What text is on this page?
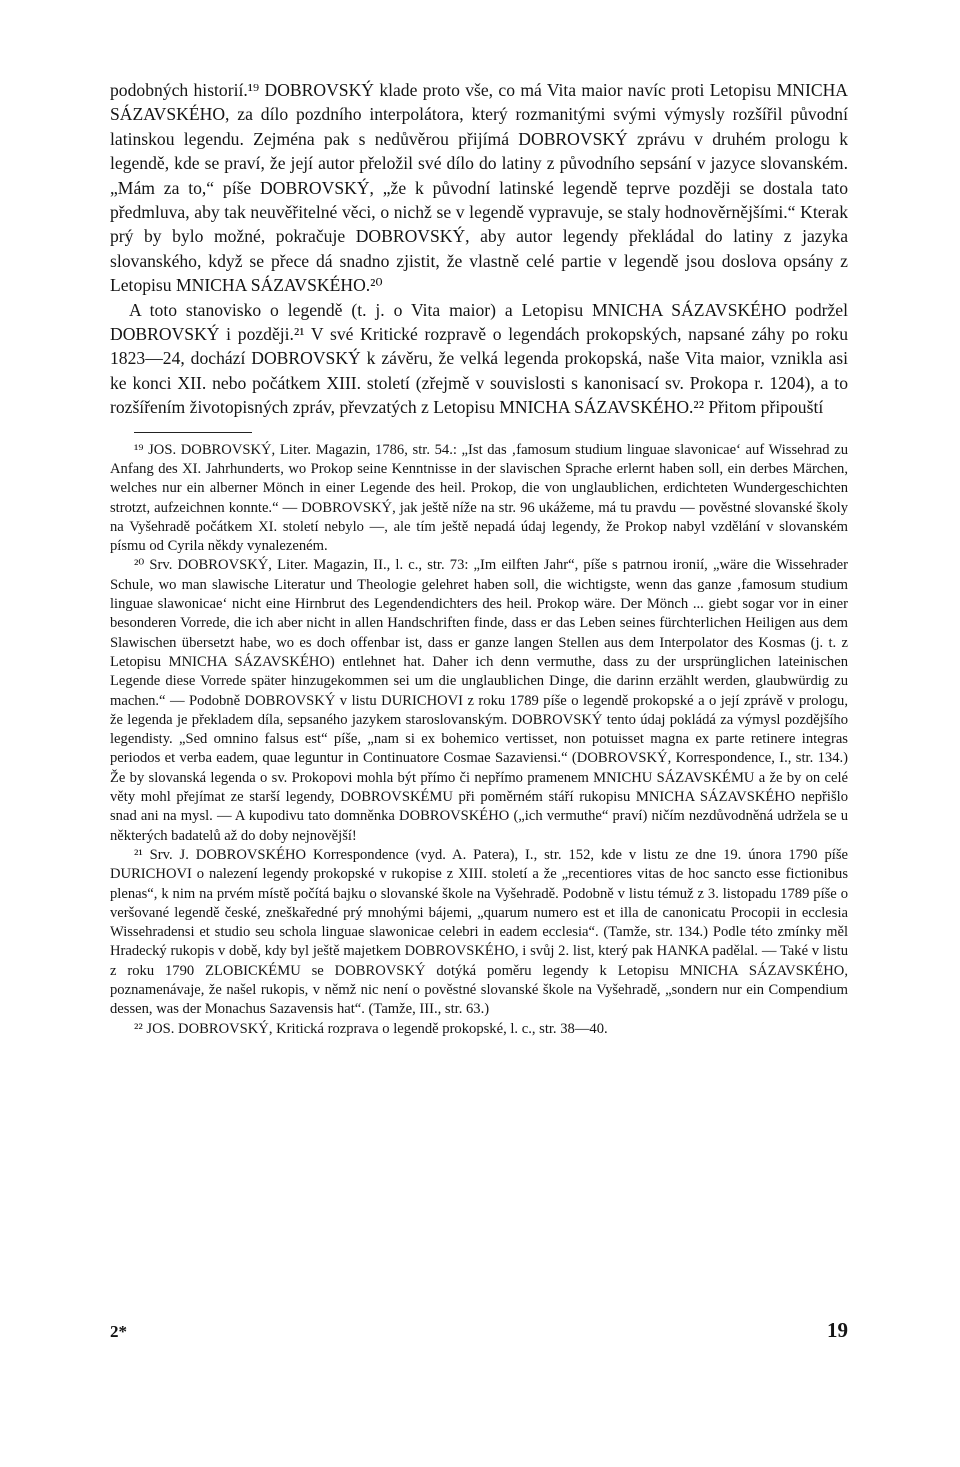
podobných historií.¹⁹ DOBROVSKÝ klade proto vše, co má Vita maior navíc proti Letopisu MNICHA SÁZAVSKÉHO, za dílo pozdního interpolátora, který rozmanitými svými výmysly rozšířil původní latinskou legendu. Zejména pak s nedůvěrou přijímá DOBROVSKÝ zprávu v druhém prologu k legendě, kde se praví, že její autor přeložil své dílo do latiny z původního sepsání v jazyce slovanském. „Mám za to,“ píše DOBROVSKÝ, „že k původní latinské legendě teprve později se dostala tato předmluva, aby tak neuvěřitelné věci, o nichž se v legendě vypravuje, se staly hodnověrnějšími.“ Kterak prý by bylo možné, pokračuje DOBROVSKÝ, aby autor legendy překládal do latiny z jazyka slovanského, když se přece dá snadno zjistit, že vlastně celé partie v legendě jsou doslova opsány z Letopisu MNICHA SÁZAVSKÉHO.²⁰

A toto stanovisko o legendě (t. j. o Vita maior) a Letopisu MNICHA SÁZAVSKÉHO podržel DOBROVSKÝ i později.²¹ V své Kritické rozpravě o legendách prokopských, napsané záhy po roku 1823—24, dochází DOBROVSKÝ k závěru, že velká legenda prokopská, naše Vita maior, vznikla asi ke konci XII. nebo počátkem XIII. století (zřejmě v souvislosti s kanonisací sv. Prokopa r. 1204), a to rozšířením životopisných zpráv, převzatých z Letopisu MNICHA SÁZAVSKÉHO.²² Přitom připouští

¹⁹ JOS. DOBROVSKÝ, Liter. Magazin, 1786, str. 54.: „Ist das ‚famosum studium linguae slavonicae‘ auf Wissehrad zu Anfang des XI. Jahrhunderts, wo Prokop seine Kenntnisse in der slavischen Sprache erlernt haben soll, ein derbes Märchen, welches nur ein alberner Mönch in einer Legende des heil. Prokop, die von unglaublichen, erdichteten Wundergeschichten strotzt, aufzeichnen konnte.“ — DOBROVSKÝ, jak ještě níže na str. 96 ukážeme, má tu pravdu — pověstné slovanské školy na Vyšehradě počátkem XI. století nebylo —, ale tím ještě nepadá údaj legendy, že Prokop nabyl vzdělání v slovanském písmu od Cyrila někdy vynalezeném.

²⁰ Srv. DOBROVSKÝ, Liter. Magazin, II., l. c., str. 73: „Im eilften Jahr“, píše s patrnou ironií, „wäre die Wissehrader Schule, wo man slawische Literatur und Theologie gelehret haben soll, die wichtigste, wenn das ganze ‚famosum studium linguae slawonicae‘ nicht eine Hirnbrut des Legendendichters des heil. Prokop wäre. Der Mönch ... giebt sogar vor in einer besonderen Vorrede, die ich aber nicht in allen Handschriften finde, dass er das Leben seines fürchterlichen Heiligen aus dem Slawischen übersetzt habe, wo es doch offenbar ist, dass er ganze langen Stellen aus dem Interpolator des Kosmas (j. t. z Letopisu MNICHA SÁZAVSKÉHO) entlehnet hat. Daher ich denn vermuthe, dass zu der ursprünglichen lateinischen Legende diese Vorrede später hinzugekommen sei um die unglaublichen Dinge, die darinn erzählt werden, glaubwürdig zu machen.“ — Podobně DOBROVSKÝ v listu DURICHOVI z roku 1789 píše o legendě prokopské a o její zprávě v prologu, že legenda je překladem díla, sepsaného jazykem staroslovanským. DOBROVSKÝ tento údaj pokládá za výmysl pozdějšího legendisty. „Sed omnino falsus est“ píše, „nam si ex bohemico vertisset, non potuisset magna ex parte retinere integras periodos et verba eadem, quae leguntur in Continuatore Cosmae Sazaviensi.“ (DOBROVSKÝ, Korrespondence, I., str. 134.) Že by slovanská legenda o sv. Prokopovi mohla být přímo či nepřímo pramenem MNICHU SÁZAVSKÉMU a že by on celé věty mohl přejímat ze starší legendy, DOBROVSKÉMU při poměrném stáří rukopisu MNICHA SÁZAVSKÉHO nepřišlo snad ani na mysl. — A kupodivu tato domněnka DOBROVSKÉHO („ich vermuthe“ praví) ničím nezdůvodněná udržela se u některých badatelů až do doby nejnovější!

²¹ Srv. J. DOBROVSKÉHO Korrespondence (vyd. A. Patera), I., str. 152, kde v listu ze dne 19. února 1790 píše DURICHOVI o nalezení legendy prokopské v rukopise z XIII. století a že „recentiores vitas de hoc sancto esse fictionibus plenas“, k nim na prvém místě počítá bajku o slovanské škole na Vyšehradě. Podobně v listu témuž z 3. listopadu 1789 píše o veršované legendě české, zneškaředné prý mnohými bájemi, „quarum numero est et illa de canonicatu Procopii in ecclesia Wissehradensi et studio seu schola linguae slawonicae celebri in eadem ecclesia“. (Tamže, str. 134.) Podle této zmínky měl Hradecký rukopis v době, kdy byl ještě majetkem DOBROVSKÉHO, i svůj 2. list, který pak HANKA padělal. — Také v listu z roku 1790 ZLOBICKÉMU se DOBROVSKÝ dotýká poměru legendy k Letopisu MNICHA SÁZAVSKÉHO, poznamenávaje, že našel rukopis, v němž nic není o pověstné slovanské škole na Vyšehradě, „sondern nur ein Compendium dessen, was der Monachus Sazavensis hat“. (Tamže, III., str. 63.)

²² JOS. DOBROVSKÝ, Kritická rozprava o legendě prokopské, l. c., str. 38—40.

2*	19
